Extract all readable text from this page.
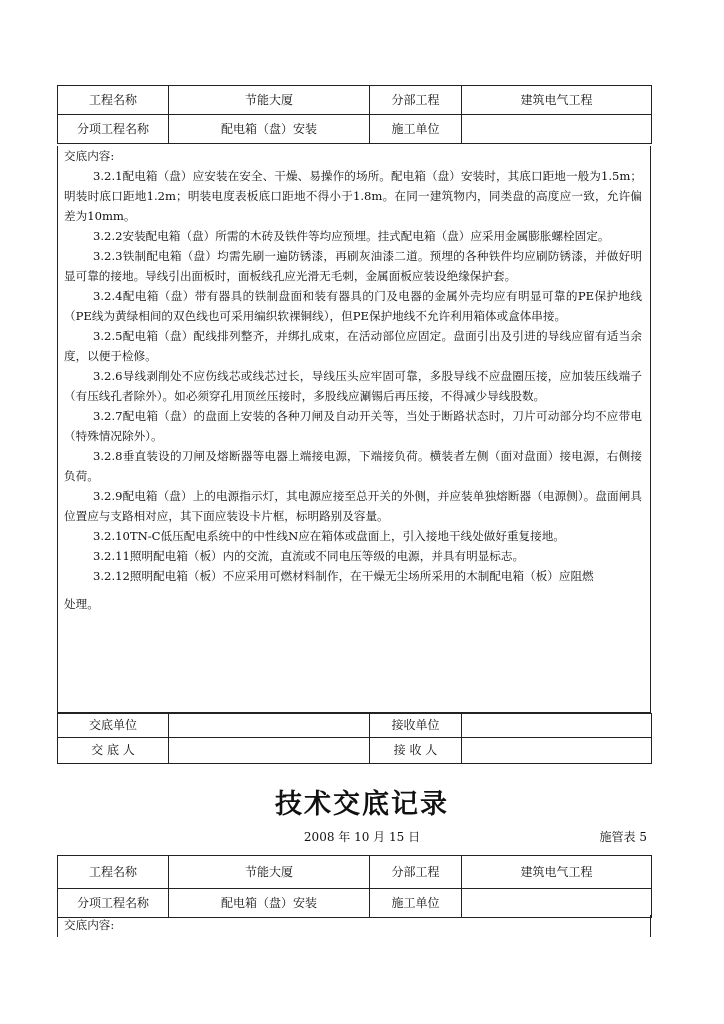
工程名称	节能大厦	分部工程	建筑电气工程
分项工程名称	配电箱（盘）安装	施工单位	

交底内容:

3.2.1配电箱（盘）应安装在安全、干燥、易操作的场所。配电箱（盘）安装时，其底口距地一般为1.5m；明装时底口距地1.2m；明装电度表板底口距地不得小于1.8m。在同一建筑物内，同类盘的高度应一致，允许偏差为10mm。

3.2.2安装配电箱（盘）所需的木砖及铁件等均应预埋。挂式配电箱（盘）应采用金属膨胀螺栓固定。

3.2.3铁制配电箱（盘）均需先刷一遍防锈漆，再刷灰油漆二道。预埋的各种铁件均应刷防锈漆，并做好明显可靠的接地。导线引出面板时，面板线孔应光滑无毛刺，金属面板应装设绝缘保护套。

3.2.4配电箱（盘）带有器具的铁制盘面和装有器具的门及电器的金属外壳均应有明显可靠的PE保护地线（PE线为黄绿相间的双色线也可采用编织软裸铜线），但PE保护地线不允许利用箱体或盒体串接。

3.2.5配电箱（盘）配线排列整齐，并绑扎成束，在活动部位应固定。盘面引出及引进的导线应留有适当余度，以便于检修。

3.2.6导线剥削处不应伤线芯或线芯过长，导线压头应牢固可靠，多股导线不应盘圈压接，应加装压线端子（有压线孔者除外）。如必须穿孔用顶丝压接时，多股线应涮锡后再压接，不得减少导线股数。

3.2.7配电箱（盘）的盘面上安装的各种刀闸及自动开关等，当处于断路状态时，刀片可动部分均不应带电（特殊情况除外）。

3.2.8垂直装设的刀闸及熔断器等电器上端接电源，下端接负荷。横装者左侧（面对盘面）接电源，右侧接负荷。

3.2.9配电箱（盘）上的电源指示灯，其电源应接至总开关的外侧，并应装单独熔断器（电源侧）。盘面闸具位置应与支路相对应，其下面应装设卡片框，标明路别及容量。

3.2.10TN-C低压配电系统中的中性线N应在箱体或盘面上，引入接地干线处做好重复接地。

3.2.11照明配电箱（板）内的交流，直流或不同电压等级的电源，并具有明显标志。

3.2.12照明配电箱（板）不应采用可燃材料制作，在干燥无尘场所采用的木制配电箱（板）应阻燃

处理。

交底单位		接收单位	
交 底 人		接 收 人	
技术交底记录
2008 年 10 月 15 日	施管表 5
工程名称	节能大厦	分部工程	建筑电气工程
分项工程名称	配电箱（盘）安装	施工单位	

交底内容:
